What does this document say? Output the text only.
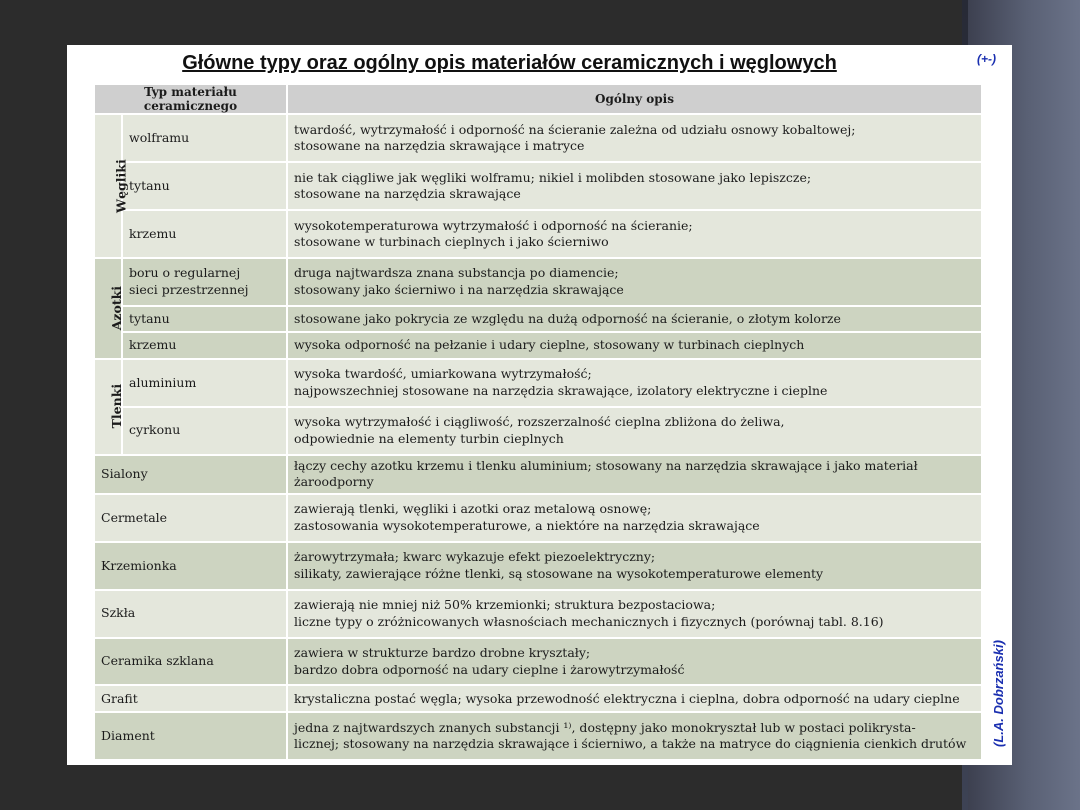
Główne typy oraz ogólny opis materiałów ceramicznych i węglowych	(+-)
(L.A. Dobrzański)
Typ materiału ceramicznego		Ogólny opis
Węgliki	wolframu	twardość, wytrzymałość i odporność na ścieranie zależna od udziału osnowy kobaltowej;
stosowane na narzędzia skrawające i matryce

	tytanu	nie tak ciągliwe jak węgliki wolframu; nikiel i molibden stosowane jako lepiszcze;
stosowane na narzędzia skrawające

	krzemu	wysokotemperaturowa wytrzymałość i odporność na ścieranie;
stosowane w turbinach cieplnych i jako ścierniwo

Azotki	boru o regularnej
sieci przestrzennej	druga najtwardsza znana substancja po diamencie;
stosowany jako ścierniwo i na narzędzia skrawające

	tytanu	stosowane jako pokrycia ze względu na dużą odporność na ścieranie, o złotym kolorze
	krzemu	wysoka odporność na pełzanie i udary cieplne, stosowany w turbinach cieplnych
Tlenki	aluminium	wysoka twardość, umiarkowana wytrzymałość;
najpowszechniej stosowane na narzędzia skrawające, izolatory elektryczne i cieplne

	cyrkonu	wysoka wytrzymałość i ciągliwość, rozszerzalność cieplna zbliżona do żeliwa,
odpowiednie na elementy turbin cieplnych

Sialony		łączy cechy azotku krzemu i tlenku aluminium; stosowany na narzędzia skrawające i jako materiał żaroodporny
Cermetale		zawierają tlenki, węgliki i azotki oraz metalową osnowę;
zastosowania wysokotemperaturowe, a niektóre na narzędzia skrawające

Krzemionka		żarowytrzymała; kwarc wykazuje efekt piezoelektryczny;
silikaty, zawierające różne tlenki, są stosowane na wysokotemperaturowe elementy

Szkła		zawierają nie mniej niż 50% krzemionki; struktura bezpostaciowa;
liczne typy o zróżnicowanych własnościach mechanicznych i fizycznych (porównaj tabl. 8.16)

Ceramika szklana		zawiera w strukturze bardzo drobne kryształy;
bardzo dobra odporność na udary cieplne i żarowytrzymałość

Grafit		krystaliczna postać węgla; wysoka przewodność elektryczna i cieplna, dobra odporność na udary cieplne
Diament		jedna z najtwardszych znanych substancji ¹⁾, dostępny jako monokryształ lub w postaci polikrysta-
licznej; stosowany na narzędzia skrawające i ścierniwo, a także na matryce do ciągnienia cienkich drutów
